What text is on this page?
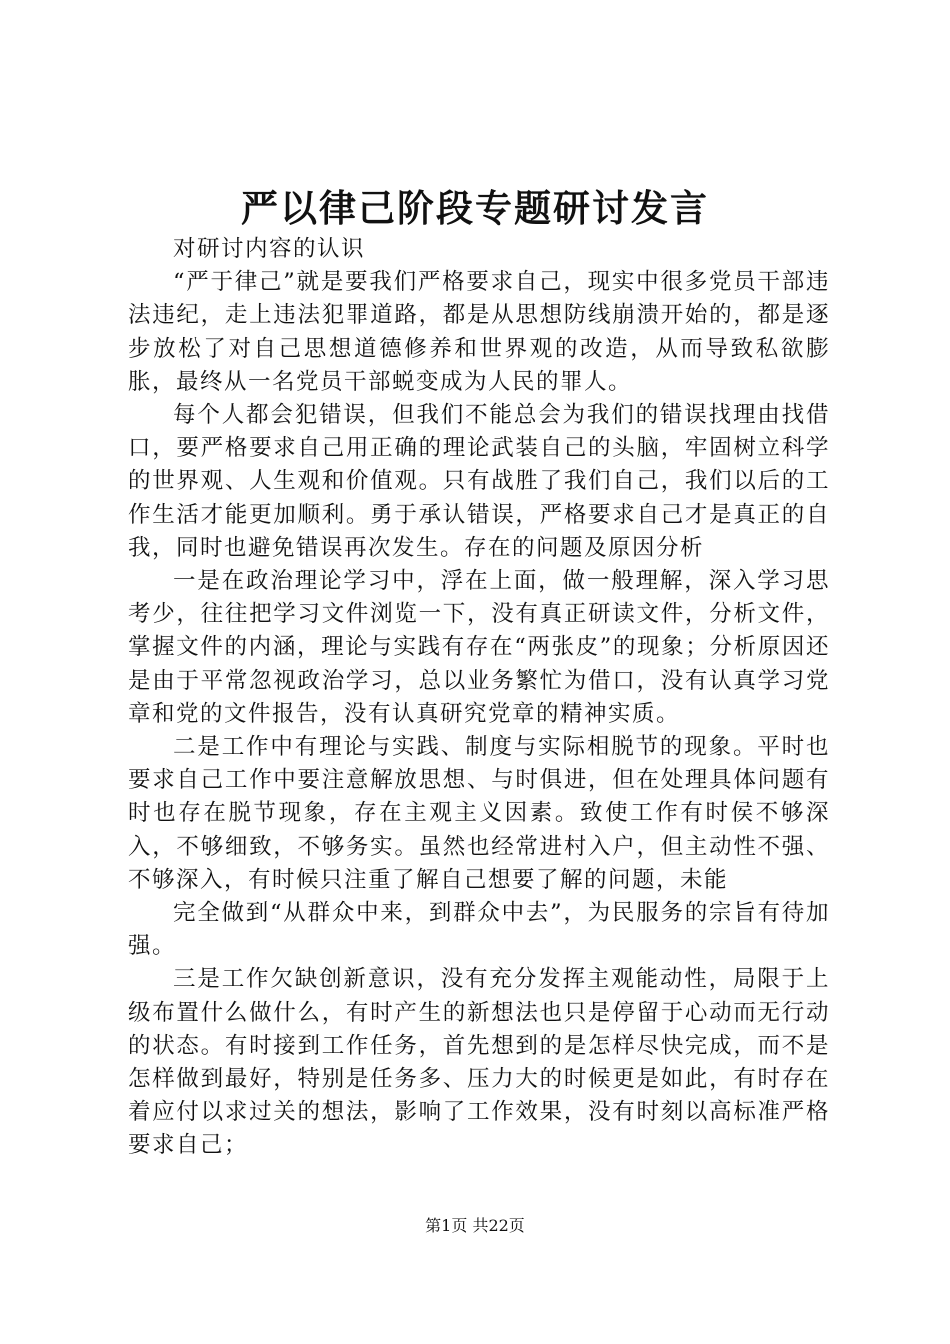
严以律己阶段专题研讨发言

对研讨内容的认识

“严于律己”就是要我们严格要求自己，现实中很多党员干部违法违纪，走上违法犯罪道路，都是从思想防线崩溃开始的，都是逐步放松了对自己思想道德修养和世界观的改造，从而导致私欲膨胀，最终从一名党员干部蜕变成为人民的罪人。

每个人都会犯错误，但我们不能总会为我们的错误找理由找借口，要严格要求自己用正确的理论武装自己的头脑，牢固树立科学的世界观、人生观和价值观。只有战胜了我们自己，我们以后的工作生活才能更加顺利。勇于承认错误，严格要求自己才是真正的自我，同时也避免错误再次发生。存在的问题及原因分析

一是在政治理论学习中，浮在上面，做一般理解，深入学习思考少，往往把学习文件浏览一下，没有真正研读文件，分析文件，掌握文件的内涵，理论与实践有存在“两张皮”的现象；分析原因还是由于平常忽视政治学习，总以业务繁忙为借口，没有认真学习党章和党的文件报告，没有认真研究党章的精神实质。

二是工作中有理论与实践、制度与实际相脱节的现象。平时也要求自己工作中要注意解放思想、与时俱进，但在处理具体问题有时也存在脱节现象，存在主观主义因素。致使工作有时侯不够深入，不够细致，不够务实。虽然也经常进村入户，但主动性不强、不够深入，有时候只注重了解自己想要了解的问题，未能

完全做到“从群众中来，到群众中去”，为民服务的宗旨有待加强。

三是工作欠缺创新意识，没有充分发挥主观能动性，局限于上级布置什么做什么，有时产生的新想法也只是停留于心动而无行动的状态。有时接到工作任务，首先想到的是怎样尽快完成，而不是怎样做到最好，特别是任务多、压力大的时候更是如此，有时存在着应付以求过关的想法，影响了工作效果，没有时刻以高标准严格要求自己；

第1页 共22页
